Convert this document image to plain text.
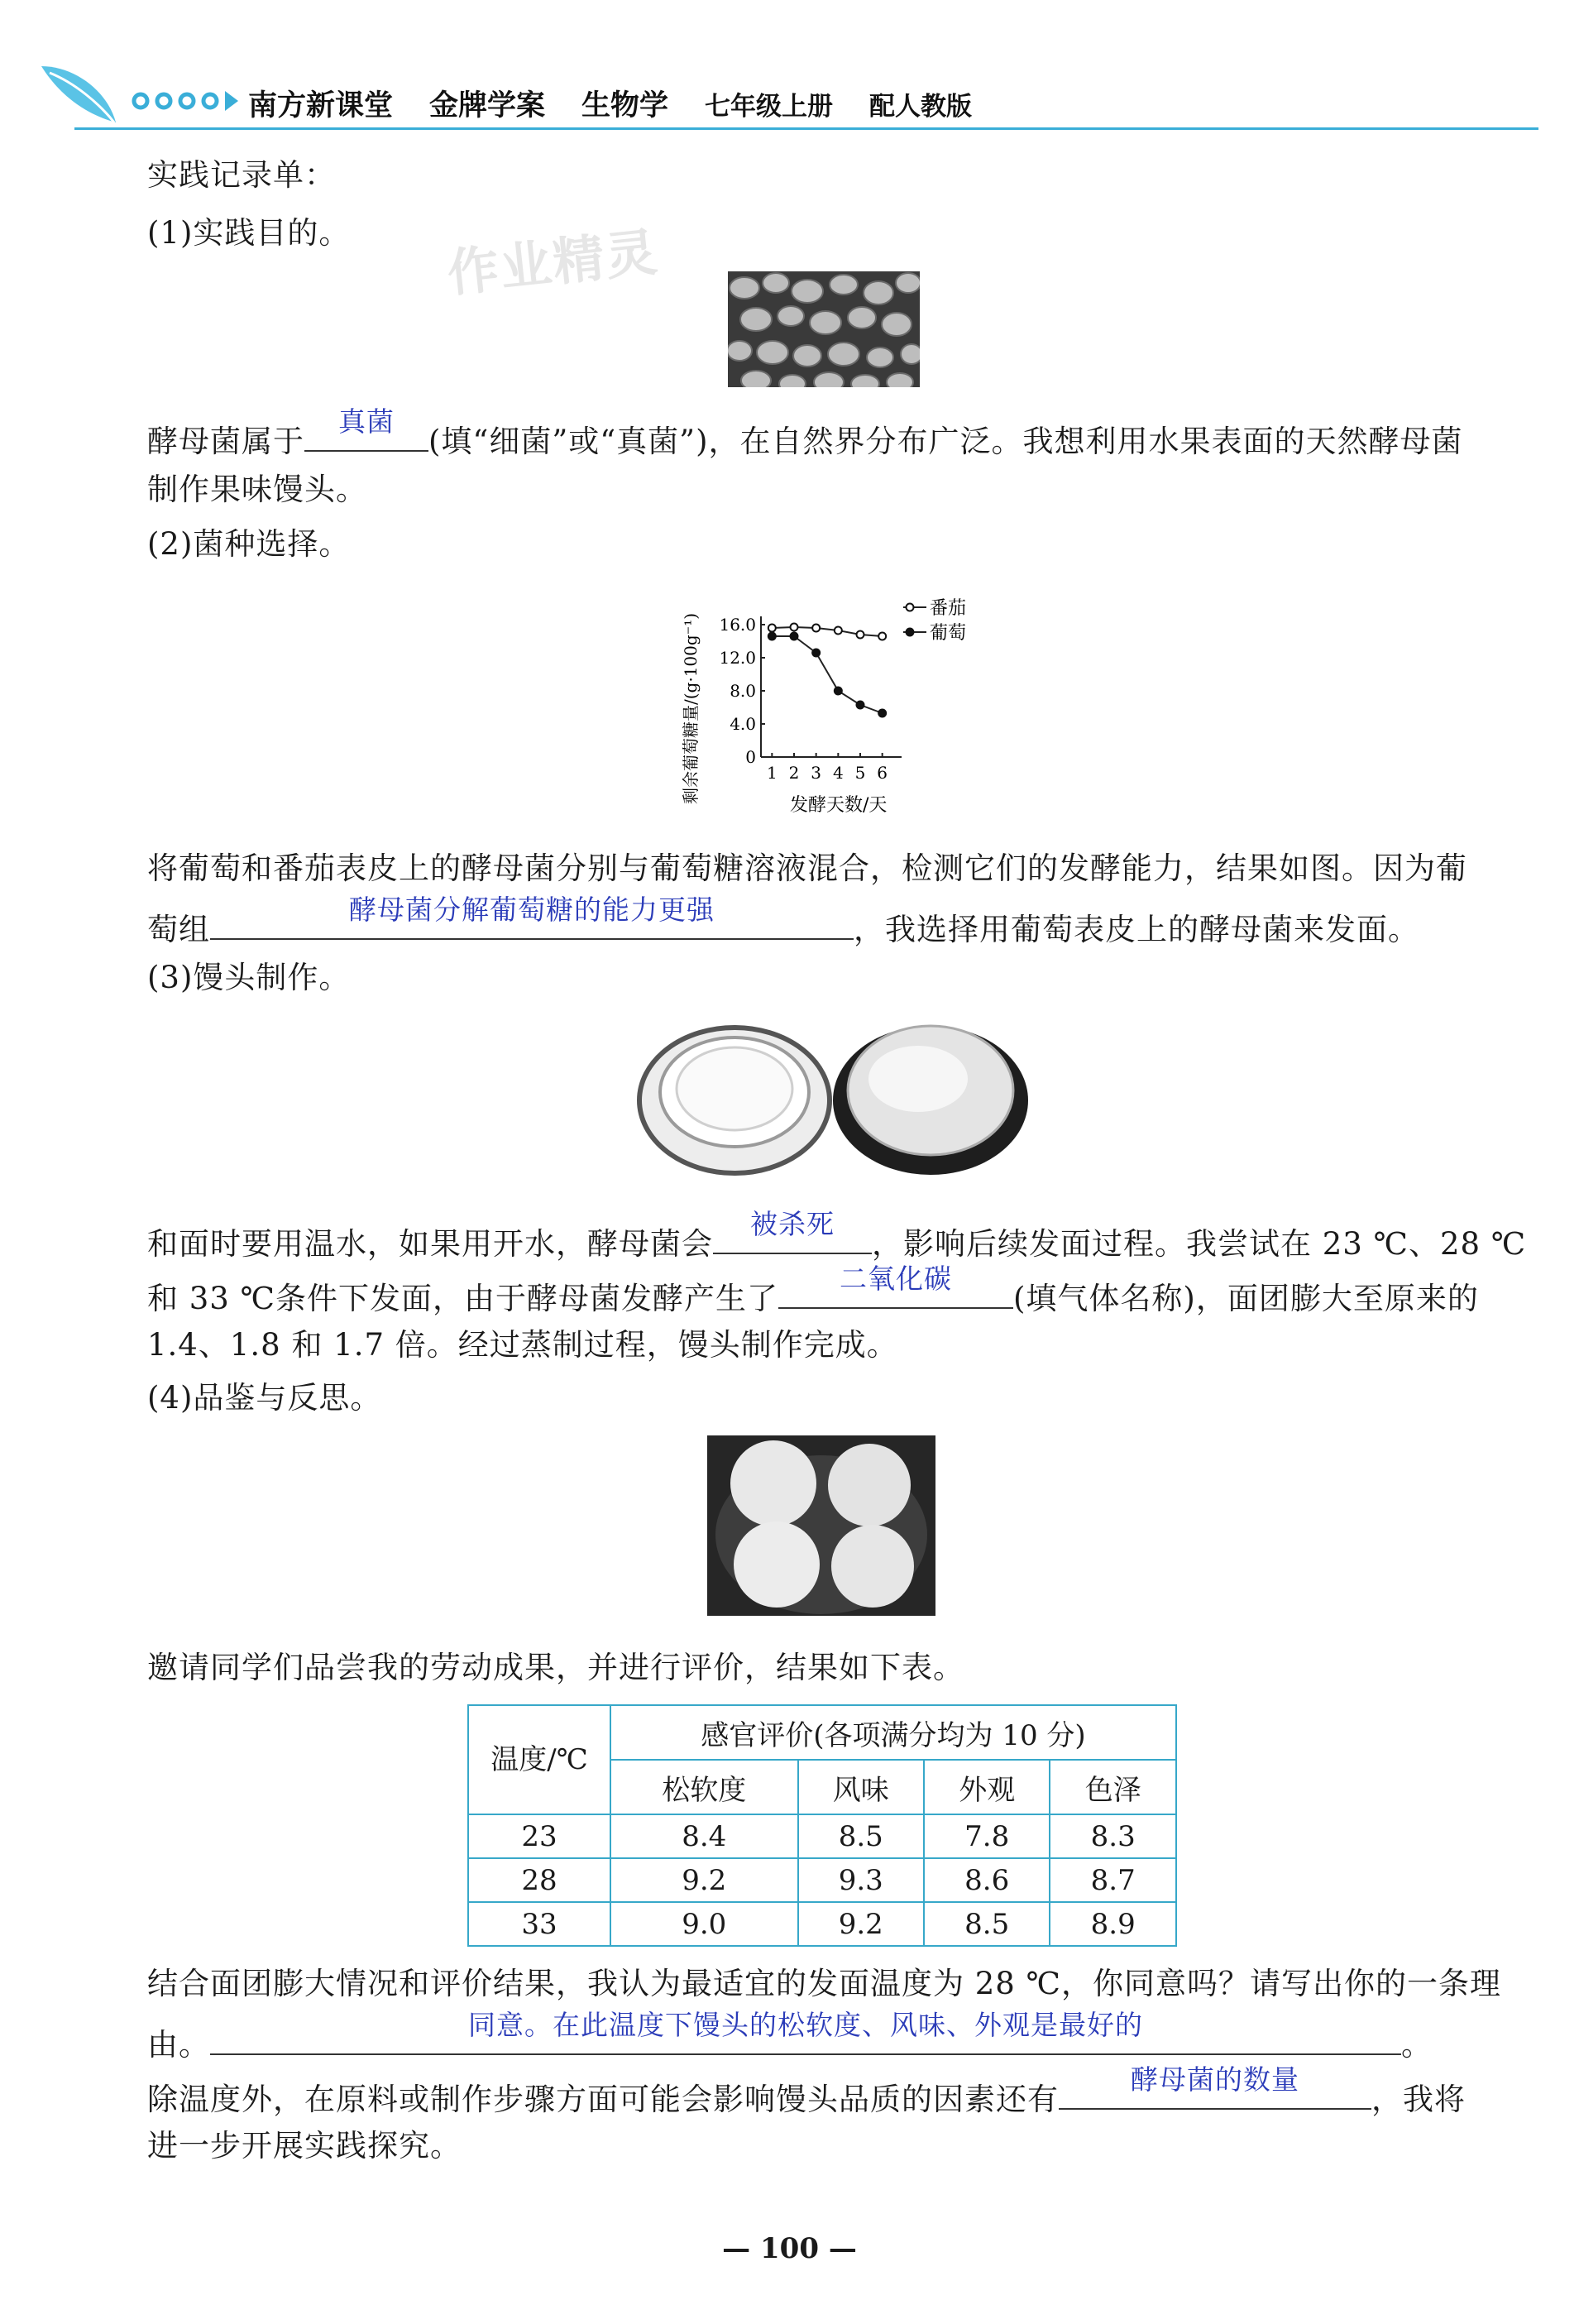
南方新课堂 金牌学案 生物学 七年级上册 配人教版
作业精灵
实践记录单：
(1)实践目的。
酵母菌属于
真菌
(填“细菌”或“真菌”)，在自然界分布广泛。我想利用水果表面的天然酵母菌
制作果味馒头。
(2)菌种选择。
剩余葡萄糖量/(g·100g⁻¹) 16.0
12.0
8.0
4.0
0
1 2 3 4 5 6
番茄
葡萄
发酵天数/天
将葡萄和番茄表皮上的酵母菌分别与葡萄糖溶液混合，检测它们的发酵能力，结果如图。因为葡
萄组
酵母菌分解葡萄糖的能力更强
，我选择用葡萄表皮上的酵母菌来发面。
(3)馒头制作。
和面时要用温水，如果用开水，酵母菌会
被杀死
，影响后续发面过程。我尝试在 23 ℃、28 ℃
和 33 ℃条件下发面，由于酵母菌发酵产生了
二氧化碳
(填气体名称)，面团膨大至原来的
1.4、1.8 和 1.7 倍。经过蒸制过程，馒头制作完成。
(4)品鉴与反思。
邀请同学们品尝我的劳动成果，并进行评价，结果如下表。
温度/℃	感官评价(各项满分均为 10 分)			
	松软度	风味	外观	色泽
23	8.4	8.5	7.8	8.3
28	9.2	9.3	8.6	8.7
33	9.0	9.2	8.5	8.9
结合面团膨大情况和评价结果，我认为最适宜的发面温度为 28 ℃，你同意吗？请写出你的一条理
由。
同意。在此温度下馒头的松软度、风味、外观是最好的
。
除温度外，在原料或制作步骤方面可能会影响馒头品质的因素还有
酵母菌的数量
，我将
进一步开展实践探究。
— 100 —
